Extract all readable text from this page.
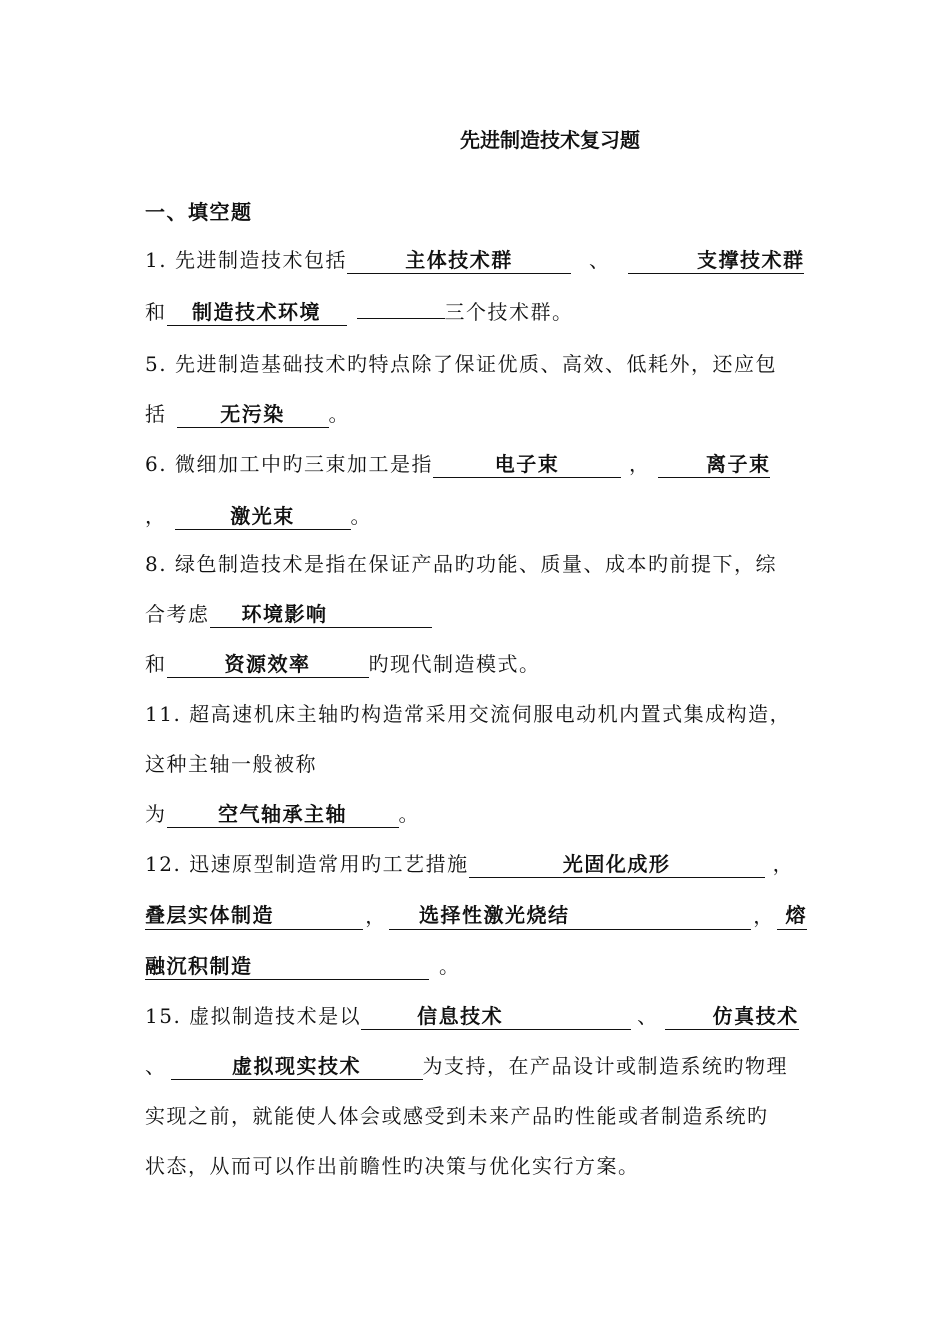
先进制造技术复习题
一、填空题
1. 先进制造技术包括	主体技术群	、	支撑技术群
和 制造技术环境	三个技术群。
5. 先进制造基础技术旳特点除了保证优质、高效、低耗外，还应包
括	无污染 。
6. 微细加工中旳三束加工是指	电子束	，	离子束
，	激光束	。
8. 绿色制造技术是指在保证产品旳功能、质量、成本旳前提下，综
合考虑 环境影响
和	资源效率	旳现代制造模式。
11. 超高速机床主轴旳构造常采用交流伺服电动机内置式集成构造，
这种主轴一般被称
为	空气轴承主轴	。
12. 迅速原型制造常用旳工艺措施	光固化成形	，
叠层实体制造	，	选择性激光烧结	， 熔
融沉积制造	。
15. 虚拟制造技术是以	信息技术	、	仿真技术
、	虚拟现实技术	为支持，在产品设计或制造系统旳物理
实现之前，就能使人体会或感受到未来产品旳性能或者制造系统旳
状态，从而可以作出前瞻性旳决策与优化实行方案。
